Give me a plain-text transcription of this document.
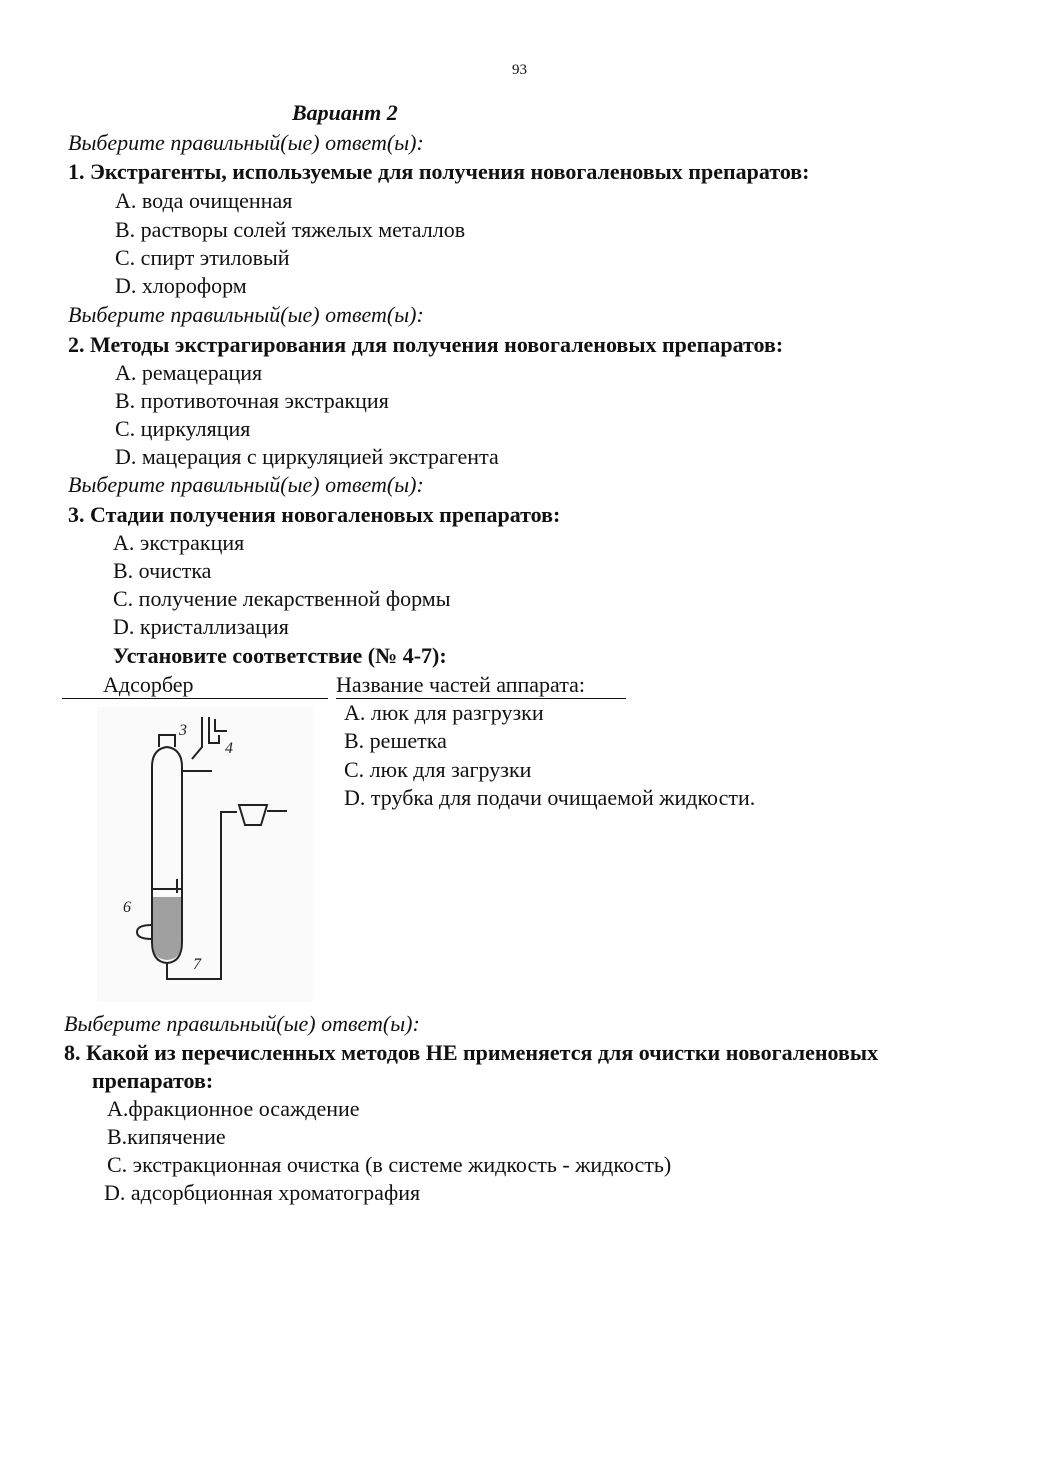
93
Вариант 2
Выберите правильный(ые) ответ(ы):
1. Экстрагенты, используемые для получения новогаленовых препаратов:
A. вода очищенная
B. растворы солей тяжелых металлов
C. спирт этиловый
D. хлороформ
Выберите правильный(ые) ответ(ы):
2. Методы экстрагирования для получения новогаленовых препаратов:
A. ремацерация
B. противоточная экстракция
C. циркуляция
D. мацерация с циркуляцией экстрагента
Выберите правильный(ые) ответ(ы):
3. Стадии получения новогаленовых препаратов:
A. экстракция
B. очистка
C. получение лекарственной формы
D. кристаллизация
Установите соответствие (№ 4-7):
Адсорбер	Название частей аппарата:
A. люк для разгрузки
B. решетка
C. люк для загрузки
D. трубка для подачи очищаемой жидкости.
3
4
6
7
Выберите правильный(ые) ответ(ы):
8. Какой из перечисленных методов НЕ применяется для очистки новогаленовых
препаратов:
A.фракционное осаждение
B.кипячение
C. экстракционная очистка (в системе жидкость - жидкость)
D. адсорбционная хроматография
